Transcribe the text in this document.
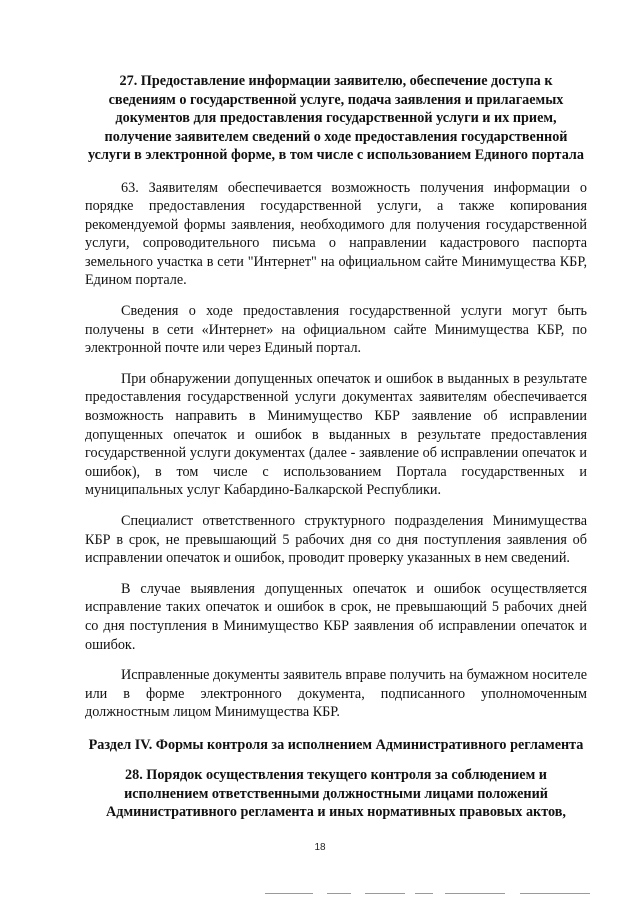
27. Предоставление информации заявителю, обеспечение доступа к сведениям о государственной услуге, подача заявления и прилагаемых документов для предоставления государственной услуги и их прием, получение заявителем сведений о ходе предоставления государственной услуги в электронной форме, в том числе с использованием Единого портала

63. Заявителям обеспечивается возможность получения информации о порядке предоставления государственной услуги, а также копирования рекомендуемой формы заявления, необходимого для получения государственной услуги, сопроводительного письма о направлении кадастрового паспорта земельного участка в сети "Интернет" на официальном сайте Минимущества КБР, Едином портале.

Сведения о ходе предоставления государственной услуги могут быть получены в сети «Интернет» на официальном сайте Минимущества КБР, по электронной почте или через Единый портал.

При обнаружении допущенных опечаток и ошибок в выданных в результате предоставления государственной услуги документах заявителям обеспечивается возможность направить в Минимущество КБР заявление об исправлении допущенных опечаток и ошибок в выданных в результате предоставления государственной услуги документах (далее - заявление об исправлении опечаток и ошибок), в том числе с использованием Портала государственных и муниципальных услуг Кабардино-Балкарской Республики.

Специалист ответственного структурного подразделения Минимущества КБР в срок, не превышающий 5 рабочих дня со дня поступления заявления об исправлении опечаток и ошибок, проводит проверку указанных в нем сведений.

В случае выявления допущенных опечаток и ошибок осуществляется исправление таких опечаток и ошибок в срок, не превышающий 5 рабочих дней со дня поступления в Минимущество КБР заявления об исправлении опечаток и ошибок.

Исправленные документы заявитель вправе получить на бумажном носителе или в форме электронного документа, подписанного уполномоченным должностным лицом Минимущества КБР.

Раздел IV. Формы контроля за исполнением Административного регламента

28. Порядок осуществления текущего контроля за соблюдением и исполнением ответственными должностными лицами положений Административного регламента и иных нормативных правовых актов,

18
